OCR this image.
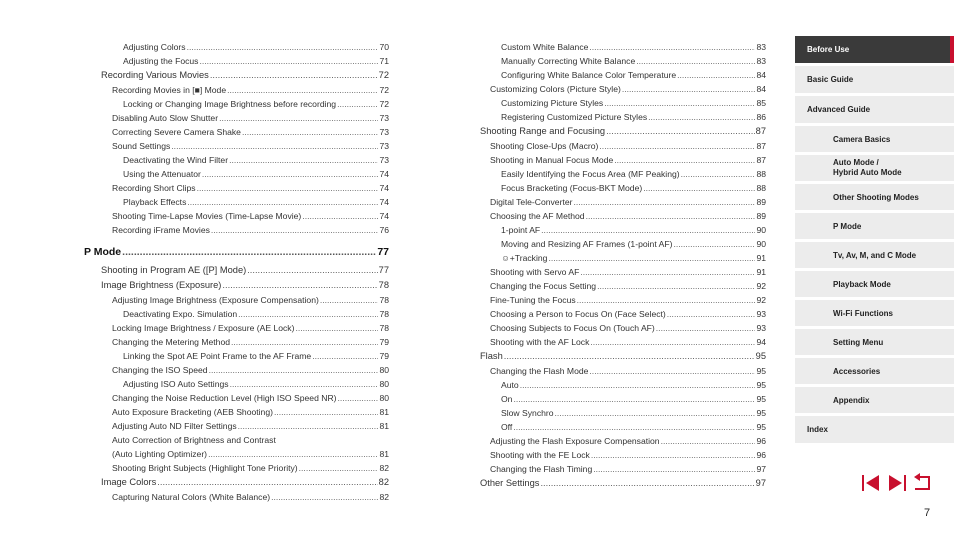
Adjusting Colors .....	70
Adjusting the Focus .....	71
Recording Various Movies .....	72
Recording Movies in [■] Mode .....	72
Locking or Changing Image Brightness before recording .....	72
Disabling Auto Slow Shutter .....	73
Correcting Severe Camera Shake .....	73
Sound Settings .....	73
Deactivating the Wind Filter .....	73
Using the Attenuator .....	74
Recording Short Clips .....	74
Playback Effects .....	74
Shooting Time-Lapse Movies (Time-Lapse Movie) .....	74
Recording iFrame Movies .....	76
P Mode .....	77
Shooting in Program AE ([P] Mode) .....	77
Image Brightness (Exposure) .....	78
Adjusting Image Brightness (Exposure Compensation) .....	78
Deactivating Expo. Simulation .....	78
Locking Image Brightness / Exposure (AE Lock) .....	78
Changing the Metering Method .....	79
Linking the Spot AE Point Frame to the AF Frame .....	79
Changing the ISO Speed .....	80
Adjusting ISO Auto Settings .....	80
Changing the Noise Reduction Level (High ISO Speed NR) .....	80
Auto Exposure Bracketing (AEB Shooting) .....	81
Adjusting Auto ND Filter Settings .....	81
Auto Correction of Brightness and Contrast
(Auto Lighting Optimizer) .....	81
Shooting Bright Subjects (Highlight Tone Priority) .....	82
Image Colors .....	82
Capturing Natural Colors (White Balance) .....	82
Custom White Balance .....	83
Manually Correcting White Balance .....	83
Configuring White Balance Color Temperature .....	84
Customizing Colors (Picture Style) .....	84
Customizing Picture Styles .....	85
Registering Customized Picture Styles .....	86
Shooting Range and Focusing .....	87
Shooting Close-Ups (Macro) .....	87
Shooting in Manual Focus Mode .....	87
Easily Identifying the Focus Area (MF Peaking) .....	88
Focus Bracketing (Focus-BKT Mode) .....	88
Digital Tele-Converter .....	89
Choosing the AF Method .....	89
1-point AF .....	90
Moving and Resizing AF Frames (1-point AF) .....	90
☺+Tracking .....	91
Shooting with Servo AF .....	91
Changing the Focus Setting .....	92
Fine-Tuning the Focus .....	92
Choosing a Person to Focus On (Face Select) .....	93
Choosing Subjects to Focus On (Touch AF) .....	93
Shooting with the AF Lock .....	94
Flash .....	95
Changing the Flash Mode .....	95
Auto .....	95
On .....	95
Slow Synchro .....	95
Off .....	95
Adjusting the Flash Exposure Compensation .....	96
Shooting with the FE Lock .....	96
Changing the Flash Timing .....	97
Other Settings .....	97
Before Use
Basic Guide
Advanced Guide
Camera Basics
Auto Mode /
Hybrid Auto Mode
Other Shooting Modes
P Mode
Tv, Av, M, and C Mode
Playback Mode
Wi-Fi Functions
Setting Menu
Accessories
Appendix
Index
7
